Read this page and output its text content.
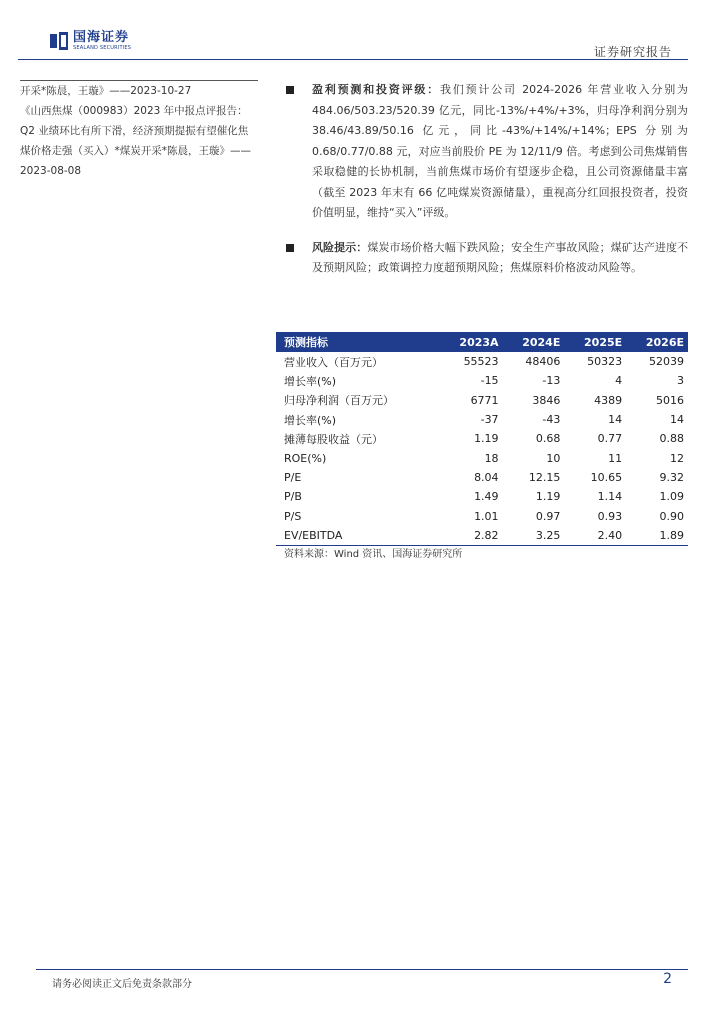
国海证券
SEALAND SECURITIES	证券研究报告

开采*陈晨，王璇》——2023-10-27

《山西焦煤（000983）2023 年中报点评报告：Q2 业绩环比有所下滑，经济预期提振有望催化焦煤价格走强（买入）*煤炭开采*陈晨，王璇》——2023-08-08

盈利预测和投资评级：我们预计公司 2024-2026 年营业收入分别为 484.06/503.23/520.39 亿元，同比-13%/+4%/+3%，归母净利润分别为 38.46/43.89/50.16 亿元，同比-43%/+14%/+14%；EPS 分别为 0.68/0.77/0.88 元，对应当前股价 PE 为 12/11/9 倍。考虑到公司焦煤销售采取稳健的长协机制，当前焦煤市场价有望逐步企稳，且公司资源储量丰富（截至 2023 年末有 66 亿吨煤炭资源储量），重视高分红回报投资者，投资价值明显，维持“买入”评级。
风险提示：煤炭市场价格大幅下跌风险；安全生产事故风险；煤矿达产进度不及预期风险；政策调控力度超预期风险；焦煤原料价格波动风险等。
预测指标	2023A	2024E	2025E	2026E
营业收入（百万元）	55523	48406	50323	52039
增长率(%)	-15	-13	4	3
归母净利润（百万元）	6771	3846	4389	5016
增长率(%)	-37	-43	14	14
摊薄每股收益（元）	1.19	0.68	0.77	0.88
ROE(%)	18	10	11	12
P/E	8.04	12.15	10.65	9.32
P/B	1.49	1.19	1.14	1.09
P/S	1.01	0.97	0.93	0.90
EV/EBITDA	2.82	3.25	2.40	1.89
资料来源：Wind 资讯、国海证券研究所
请务必阅读正文后免责条款部分	2
